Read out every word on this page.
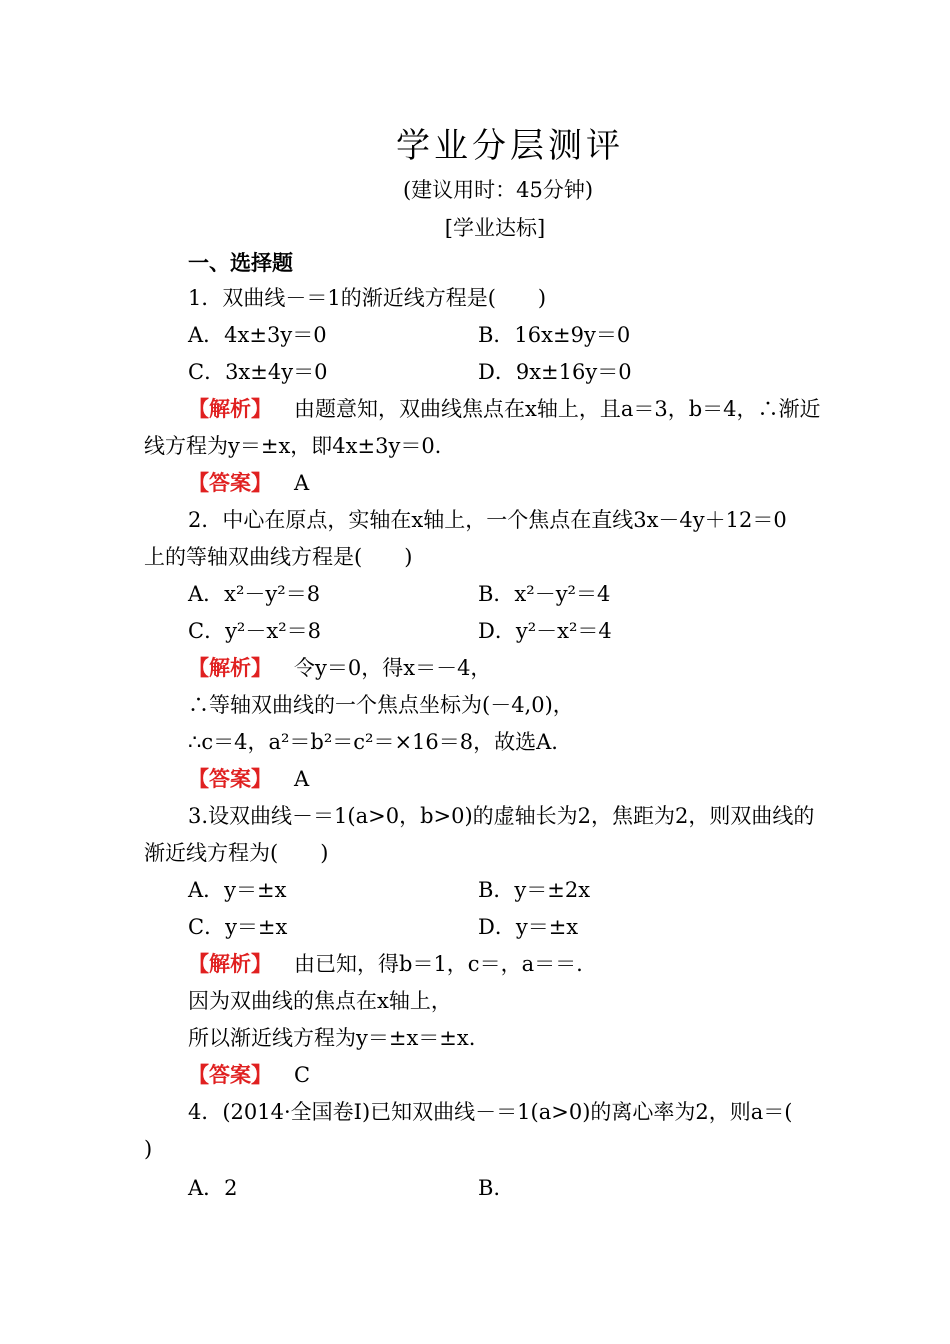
学业分层测评
(建议用时：45分钟)
[学业达标]
一、选择题
1．双曲线－＝1的渐近线方程是(　　)
A．4x±3y＝0	B．16x±9y＝0
C．3x±4y＝0	D．9x±16y＝0
【解析】 由题意知，双曲线焦点在x轴上，且a＝3，b＝4，∴渐近
线方程为y＝±x，即4x±3y＝0.
【答案】 A
2．中心在原点，实轴在x轴上，一个焦点在直线3x－4y＋12＝0
上的等轴双曲线方程是(　　)
A．x²－y²＝8	B．x²－y²＝4
C．y²－x²＝8	D．y²－x²＝4
【解析】 令y＝0，得x＝－4，
∴等轴双曲线的一个焦点坐标为(－4,0)，
∴c＝4，a²＝b²＝c²＝×16＝8，故选A.
【答案】 A
3.设双曲线－＝1(a>0，b>0)的虚轴长为2，焦距为2，则双曲线的
渐近线方程为(　　)
A．y＝±x	B．y＝±2x
C．y＝±x	D．y＝±x
【解析】 由已知，得b＝1，c＝，a＝＝.
因为双曲线的焦点在x轴上，
所以渐近线方程为y＝±x＝±x.
【答案】 C
4．(2014·全国卷Ⅰ)已知双曲线－＝1(a>0)的离心率为2，则a＝(
)
A．2	B.
